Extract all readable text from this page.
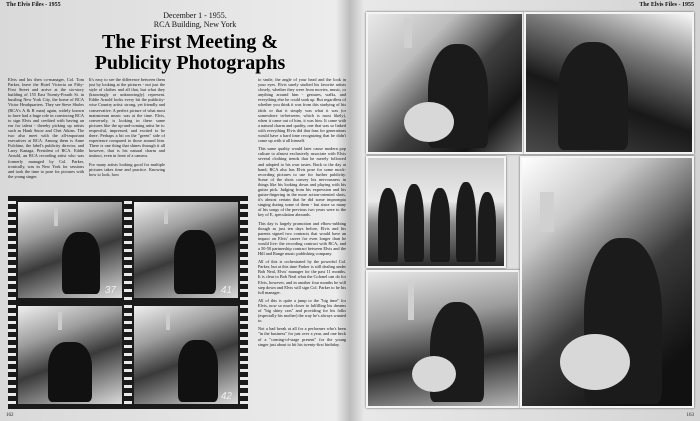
The Elvis Files - 1955	The Elvis Files - 1955
December 1 - 1955.
RCA Building, New York
The First Meeting &
Publicity Photographs

Elvis and his then co-manager, Col. Tom Parker, leave the Hotel Victoria on Fifty-First Street and arrive at the six-story building of 155 East Twenty-Fourth St. in bustling New York City, the home of RCA Victor Headquarters. They see Steve Sholes (RCA's A & R man) again, widely known to have had a huge role in convincing RCA to sign Elvis and credited with having an ear for talent - thereby picking up artists such as Hank Snow and Chet Atkins. The two also meet with the all-important executives at RCA. Among them is Anne Fulchino, the label's publicity director, and Larry Kanaga, President of RCA. Eddie Arnold, an RCA recording artist who was formerly managed by Col. Parker, ironically, was in New York for sessions and took the time to pose for pictures with the young singer.

It's easy to see the difference between them just by looking at the pictures - not just the style of clothes and all that, but what they (knowingly or unknowingly) represent. Eddie Arnold looks every bit the publicity-wise Country artist: strong, yet friendly and conservative. A perfect picture of what most mainstream music was at the time. Elvis, conversely, is looking in these same pictures like the up-and-coming artist he is: respectful, impressed, and excited to be there. Perhaps a bit on the "green" side of experience compared to those around him. There is one thing that shines through it all however, that is his natural charm and instinct, even in front of a camera.

For many artists looking good for multiple pictures takes time and practice. Knowing how to look, how

37	41
42

to smile, the angle of your head and the look in your eyes. Elvis surely studied his favorite artists closely, whether they were from movies, music, or anything around him - gestures, walks, and everything else he could soak up. But regardless of whether you think it was from this studying of his idols or that it simply was what it was (or somewhere in-between, which is most likely), when it came out of him, it was him. It came with a natural charm and quality, one that was so linked with everything Elvis did that fans for generations would have a hard time recognizing that he didn't come up with it all himself.

This same quality would later cause modern pop culture to almost exclusively associate with Elvis several clothing trends that he merely followed and adapted to his own tastes. Back to the day at hand; RCA also has Elvis pose for some mock-recording pictures to use for further publicity. Some of the shots convey his nervousness in things like his looking down and playing with his guitar pick. Judging from his expression and his guitar-fingering in the more action-oriented shots, it's almost certain that he did some impromptu singing during some of them - but since so many of his songs of the previous two years were to the key of E, speculation abounds.

This day is largely promotion and elbow-rubbing though as just ten days before, Elvis and his parents signed two contracts that would have an impact on Elvis' career for even longer than he would live: the recording contract with RCA, and a 50-50 partnership contract between Elvis and the Hill and Range music publishing company.

All of this is orchestrated by the powerful Col. Parker, but at this time Parker is still dealing under Bob Neal, Elvis' manager for the past 11 months. It is clear to Bob Neal what the Colonel can do for Elvis, however, and in another four months he will step down and Elvis will sign Col. Parker to be his full manager.

All of this is quite a jump to the "big time" for Elvis, now so much closer to fulfilling his dreams of "big shiny cars" and providing for his folks (especially his mother) the way he's always wanted to.

Not a bad break at all for a performer who's been "in the business" for just over a year, and one heck of a "coming-of-stage present" for the young singer just about to hit his twenty-first birthday.

162	163
